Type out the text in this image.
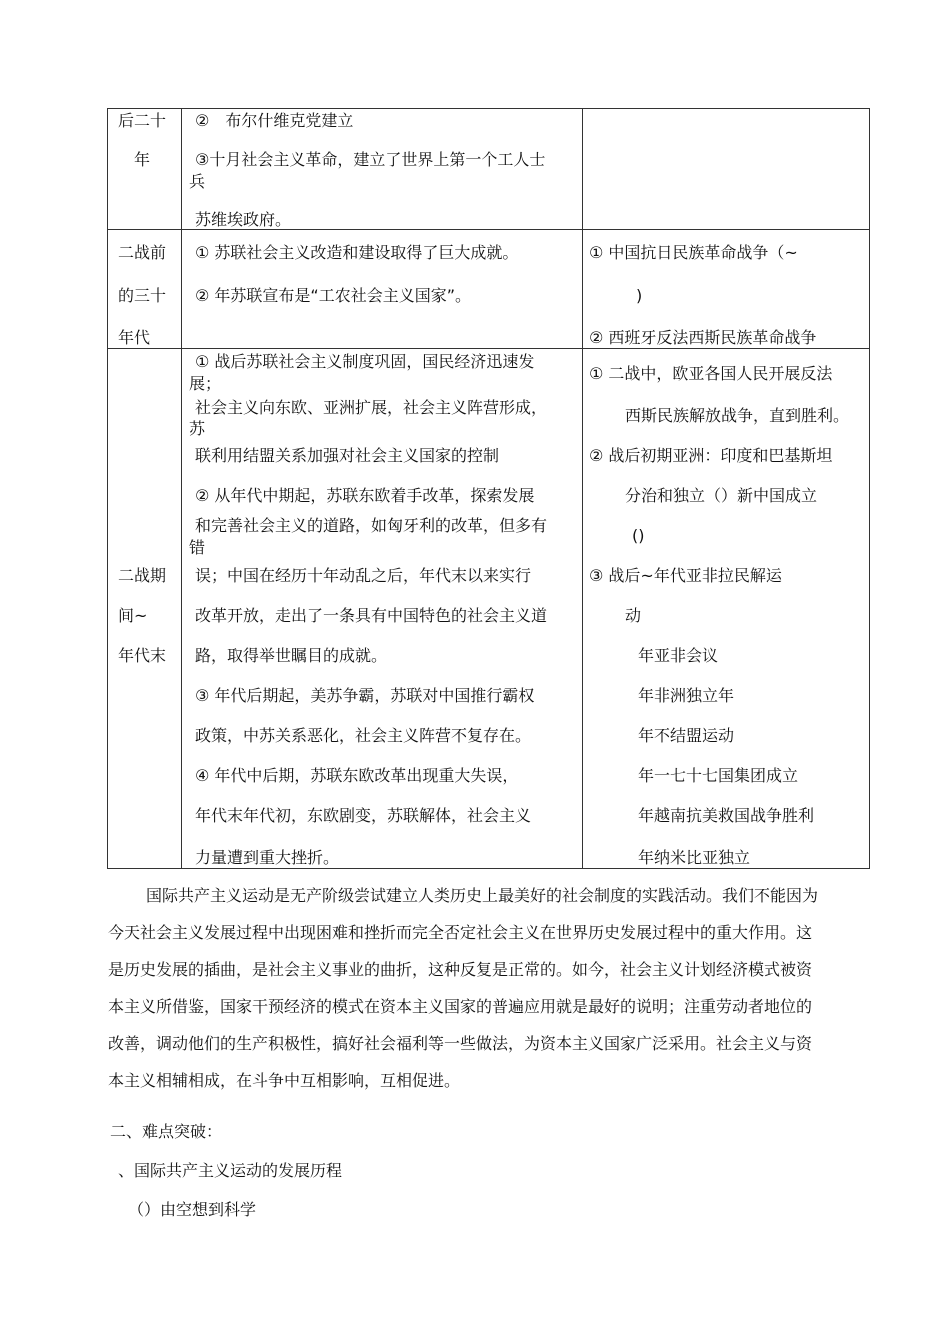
后二十
年
②　布尔什维克党建立
③十月社会主义革命，建立了世界上第一个工人士
兵
苏维埃政府。
二战前
的三十
年代
① 苏联社会主义改造和建设取得了巨大成就。
② 年苏联宣布是“工农社会主义国家”。
① 中国抗日民族革命战争（~
)
② 西班牙反法西斯民族革命战争
二战期
间~
年代末
① 战后苏联社会主义制度巩固，国民经济迅速发
展；
社会主义向东欧、亚洲扩展，社会主义阵营形成，
苏
联利用结盟关系加强对社会主义国家的控制
② 从年代中期起，苏联东欧着手改革，探索发展
和完善社会主义的道路，如匈牙利的改革，但多有
错
误；中国在经历十年动乱之后，年代末以来实行
改革开放，走出了一条具有中国特色的社会主义道
路，取得举世瞩目的成就。
③ 年代后期起，美苏争霸，苏联对中国推行霸权
政策，中苏关系恶化，社会主义阵营不复存在。
④ 年代中后期，苏联东欧改革出现重大失误，
年代末年代初，东欧剧变，苏联解体，社会主义
力量遭到重大挫折。
① 二战中，欧亚各国人民开展反法
西斯民族解放战争，直到胜利。
② 战后初期亚洲：印度和巴基斯坦
分治和独立（）新中国成立
()
③ 战后~年代亚非拉民解运
动
年亚非会议
年非洲独立年
年不结盟运动
年一七十七国集团成立
年越南抗美救国战争胜利
年纳米比亚独立
国际共产主义运动是无产阶级尝试建立人类历史上最美好的社会制度的实践活动。我们不能因为
今天社会主义发展过程中出现困难和挫折而完全否定社会主义在世界历史发展过程中的重大作用。这
是历史发展的插曲，是社会主义事业的曲折，这种反复是正常的。如今，社会主义计划经济模式被资
本主义所借鉴，国家干预经济的模式在资本主义国家的普遍应用就是最好的说明；注重劳动者地位的
改善，调动他们的生产积极性，搞好社会福利等一些做法，为资本主义国家广泛采用。社会主义与资
本主义相辅相成，在斗争中互相影响，互相促进。
二、难点突破：
、国际共产主义运动的发展历程
（）由空想到科学
